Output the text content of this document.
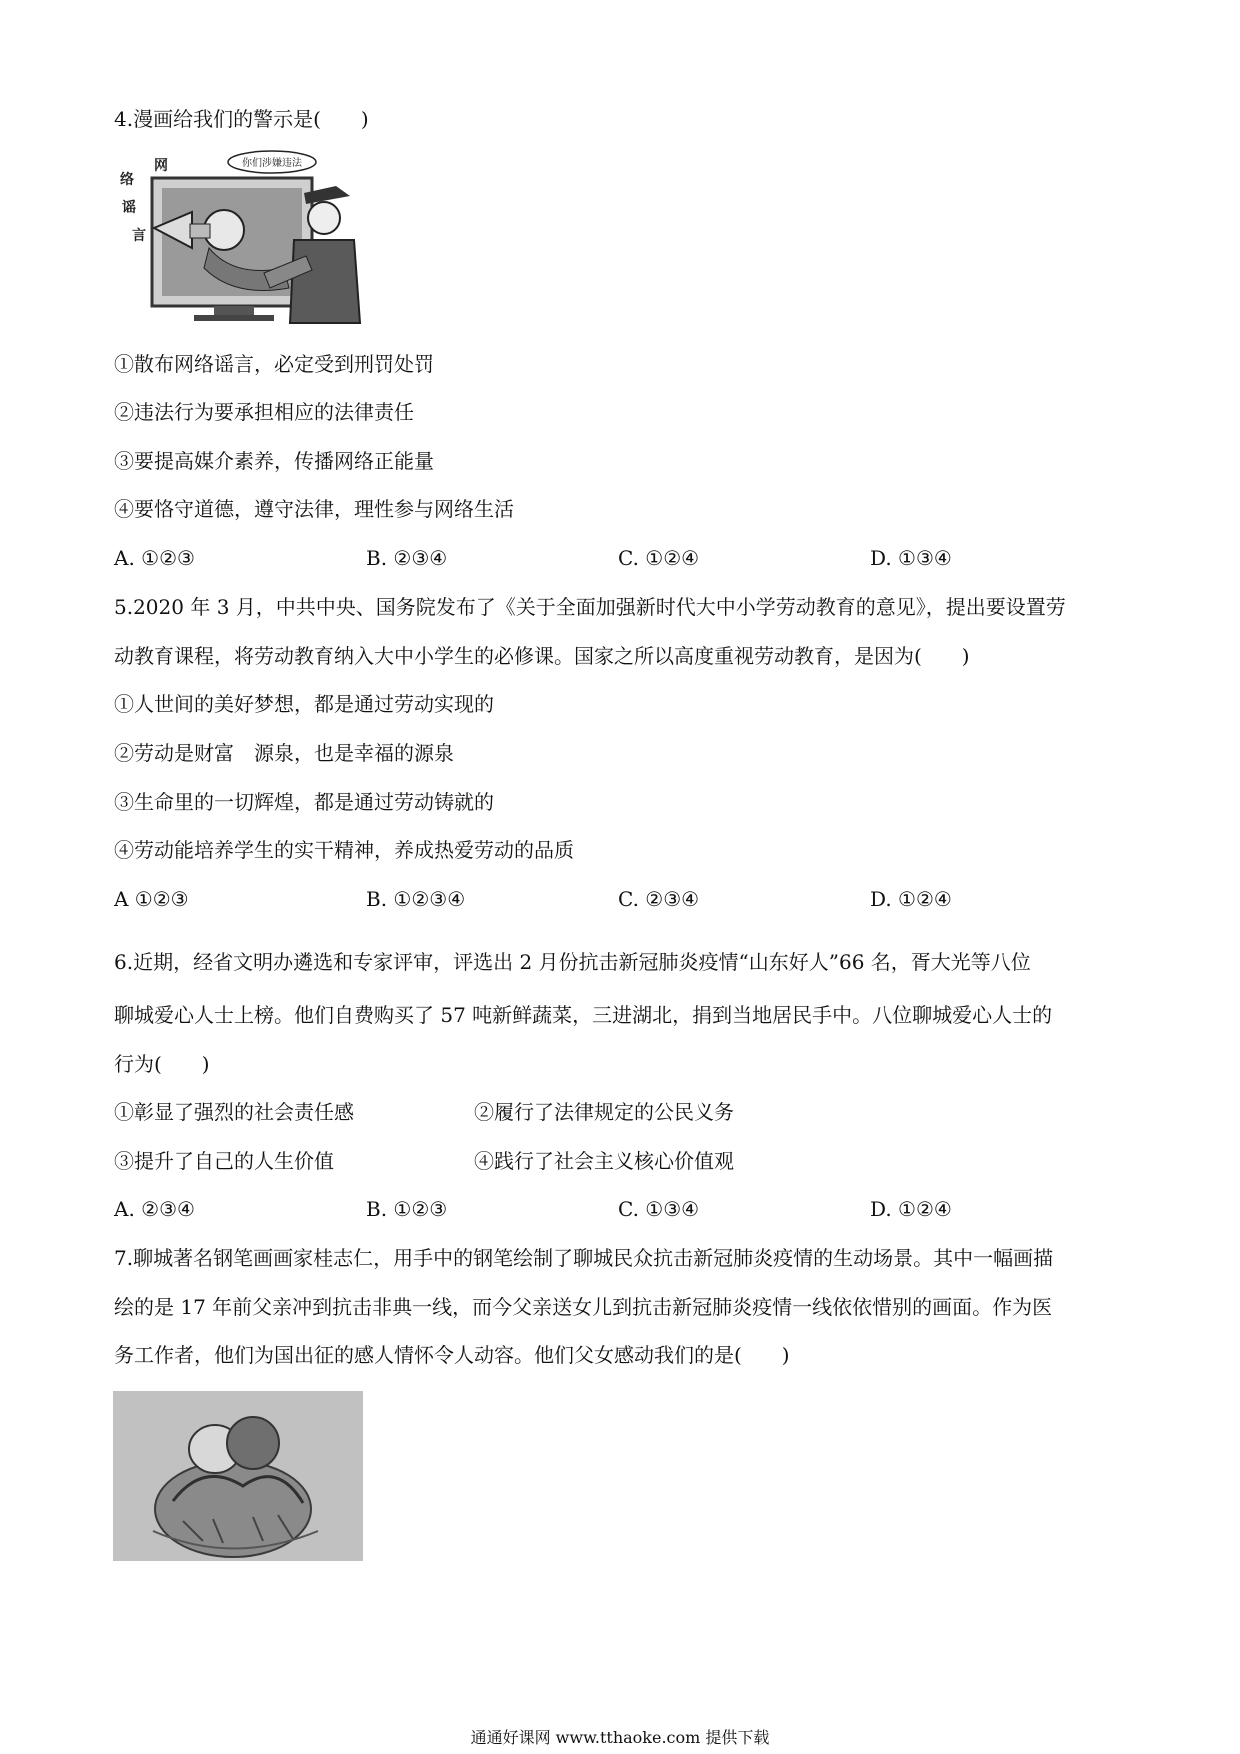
4.漫画给我们的警示是(　　)
你们涉嫌违法
网
络
谣
言
①散布网络谣言，必定受到刑罚处罚
②违法行为要承担相应的法律责任
③要提高媒介素养，传播网络正能量
④要恪守道德，遵守法律，理性参与网络生活
A. ①②③	B. ②③④	C. ①②④	D. ①③④
5.2020 年 3 月，中共中央、国务院发布了《关于全面加强新时代大中小学劳动教育的意见》，提出要设置劳
动教育课程，将劳动教育纳入大中小学生的必修课。国家之所以高度重视劳动教育，是因为(　　)
①人世间的美好梦想，都是通过劳动实现的
②劳动是财富　源泉，也是幸福的源泉
③生命里的一切辉煌，都是通过劳动铸就的
④劳动能培养学生的实干精神，养成热爱劳动的品质
A ①②③	B. ①②③④	C. ②③④	D. ①②④
6.近期，经省文明办遴选和专家评审，评选出 2 月份抗击新冠肺炎疫情“山东好人”66 名，胥大光等八位
聊城爱心人士上榜。他们自费购买了 57 吨新鲜蔬菜，三进湖北，捐到当地居民手中。八位聊城爱心人士的
行为(　　)
①彰显了强烈的社会责任感	②履行了法律规定的公民义务
③提升了自己的人生价值	④践行了社会主义核心价值观
A. ②③④	B. ①②③	C. ①③④	D. ①②④
7.聊城著名钢笔画画家桂志仁，用手中的钢笔绘制了聊城民众抗击新冠肺炎疫情的生动场景。其中一幅画描
绘的是 17 年前父亲冲到抗击非典一线，而今父亲送女儿到抗击新冠肺炎疫情一线依依惜别的画面。作为医
务工作者，他们为国出征的感人情怀令人动容。他们父女感动我们的是(　　)
通通好课网 www.tthaoke.com 提供下载
